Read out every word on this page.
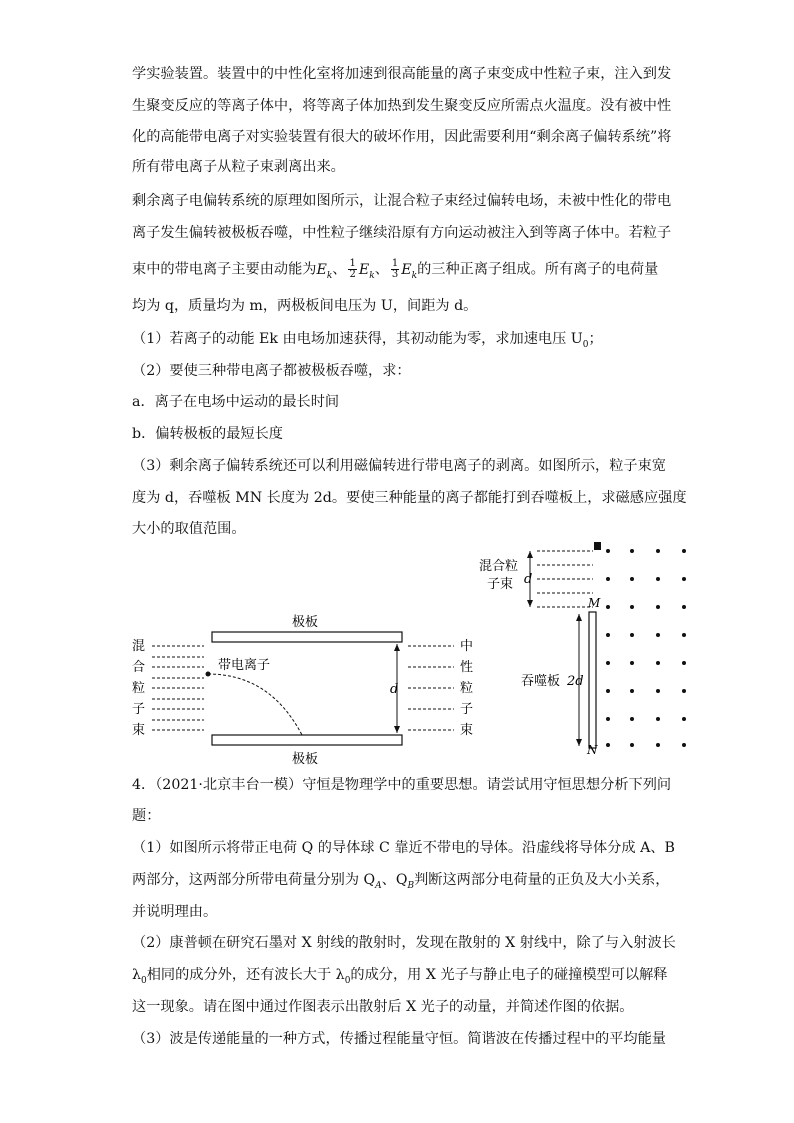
学实验装置。装置中的中性化室将加速到很高能量的离子束变成中性粒子束，注入到发
生聚变反应的等离子体中，将等离子体加热到发生聚变反应所需点火温度。没有被中性
化的高能带电离子对实验装置有很大的破坏作用，因此需要利用“剩余离子偏转系统”将
所有带电离子从粒子束剥离出来。
剩余离子电偏转系统的原理如图所示，让混合粒子束经过偏转电场，未被中性化的带电
离子发生偏转被极板吞噬，中性粒子继续沿原有方向运动被注入到等离子体中。若粒子
束中的带电离子主要由动能为$E_k$、 $\frac{1}{2} E_k$、 $\frac{1}{3} E_k$的三种正离子组成。所有离子的电荷量
均为 q，质量均为 m，两极板间电压为 U，间距为 d。
（1）若离子的动能 Ek 由电场加速获得，其初动能为零，求加速电压 $U_0$；
（2）要使三种带电离子都被极板吞噬，求：
a．离子在电场中运动的最长时间
b．偏转极板的最短长度
（3）剩余离子偏转系统还可以利用磁偏转进行带电离子的剥离。如图所示，粒子束宽
度为 d，吞噬板 MN 长度为 2d。要使三种能量的离子都能打到吞噬板上，求磁感应强度
大小的取值范围。
极板
极板
混
合
粒
子
束
带电离子
d
中
性
粒
子
束
混合粒
子束 d
M
N
吞噬板 2d
4．（2021·北京丰台一模）守恒是物理学中的重要思想。请尝试用守恒思想分析下列问
题：
（1）如图所示将带正电荷 Q 的导体球 C 靠近不带电的导体。沿虚线将导体分成 A、B
两部分，这两部分所带电荷量分别为 $Q_A$、$Q_B$判断这两部分电荷量的正负及大小关系，
并说明理由。
（2）康普顿在研究石墨对 X 射线的散射时，发现在散射的 X 射线中，除了与入射波长
$\lambda_0$相同的成分外，还有波长大于 $\lambda_0$的成分，用 X 光子与静止电子的碰撞模型可以解释
这一现象。请在图中通过作图表示出散射后 X 光子的动量，并简述作图的依据。
（3）波是传递能量的一种方式，传播过程能量守恒。简谐波在传播过程中的平均能量
